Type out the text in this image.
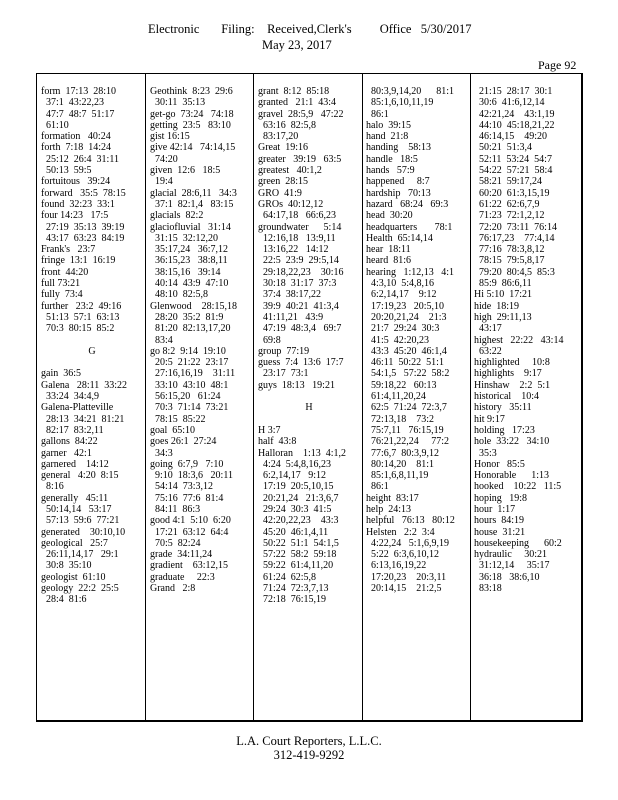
Electronic       Filing:    Received,Clerk's         Office   5/30/2017
May 23, 2017
Page 92
form  17:13  28:10
37:1  43:22,23
47:7  48:7  51:17
61:10
formation   40:24
forth  7:18  14:24
25:12  26:4  31:11
50:13  59:5
fortuitous   39:24
forward   35:5  78:15
found  32:23  33:1
four 14:23   17:5
27:19  35:13  39:19
43:17  63:23  84:19
Frank's   23:7
fringe  13:1  16:19
front  44:20
full 73:21
fully  73:4
further   23:2  49:16
51:13  57:1  63:13
70:3  80:15  85:2
G
gain  36:5
Galena   28:11  33:22
33:24  34:4,9
Galena-Platteville
28:13  34:21  81:21
82:17  83:2,11
gallons  84:22
garner   42:1
garnered    14:12
general   4:20  8:15
8:16
generally   45:11
50:14,14   53:17
57:13  59:6  77:21
generated    30:10,10
geological   25:7
26:11,14,17   29:1
30:8  35:10
geologist  61:10
geology  22:2  25:5
28:4  81:6
Geothink  8:23  29:6
30:11  35:13
get-go  73:24   74:18
getting  23:5   83:10
gist 16:15
give 42:14   74:14,15
74:20
given  12:6   18:5
19:4
glacial  28:6,11   34:3
37:1  82:1,4   83:15
glacials  82:2
glaciofluvial   31:14
31:15  32:12,20
35:17,24   36:7,12
36:15,23   38:8,11
38:15,16   39:14
40:14  43:9  47:10
48:10  82:5,8
Glenwood    28:15,18
28:20  35:2  81:9
81:20  82:13,17,20
83:4
go 8:2  9:14  19:10
20:5  21:22  23:17
27:16,16,19    31:11
33:10  43:10  48:1
56:15,20   61:24
70:3  71:14  73:21
78:15  85:22
goal  65:10
goes 26:1  27:24
34:3
going  6:7,9   7:10
9:10  18:3,6   20:11
54:14  73:3,12
75:16  77:6  81:4
84:11  86:3
good 4:1  5:10  6:20
17:21  63:12  64:4
70:5  82:24
grade  34:11,24
gradient    63:12,15
graduate     22:3
Grand   2:8
grant  8:12  85:18
granted   21:1  43:4
gravel  28:5,9   47:22
63:16  82:5,8
83:17,20
Great  19:16
greater   39:19   63:5
greatest   40:1,2
green  28:15
GRO  41:9
GROs  40:12,12
64:17,18   66:6,23
groundwater      5:14
12:16,18   13:9,11
13:16,22   14:12
22:5  23:9  29:5,14
29:18,22,23    30:16
30:18  31:17  37:3
37:4  38:17,22
39:9  40:21  41:3,4
41:11,21   43:9
47:19  48:3,4   69:7
69:8
group  77:19
guess  7:4  13:6  17:7
23:17  73:1
guys  18:13   19:21
H
H 3:7
half  43:8
Halloran    1:13  4:1,2
4:24  5:4,8,16,23
6:2,14,17   9:12
17:19  20:5,10,15
20:21,24   21:3,6,7
29:24  30:3  41:5
42:20,22,23    43:3
45:20  46:1,4,11
50:22  51:1  54:1,5
57:22  58:2  59:18
59:22  61:4,11,20
61:24  62:5,8
71:24  72:3,7,13
72:18  76:15,19
80:3,9,14,20      81:1
85:1,6,10,11,19
86:1
halo  39:15
hand  21:8
handing    58:13
handle   18:5
hands   57:9
happened     8:7
hardship   70:13
hazard   68:24   69:3
head  30:20
headquarters       78:1
Health  65:14,14
hear  18:11
heard  81:6
hearing   1:12,13   4:1
4:3,10  5:4,8,16
6:2,14,17    9:12
17:19,23   20:5,10
20:20,21,24    21:3
21:7  29:24  30:3
41:5  42:20,23
43:3  45:20  46:1,4
46:11  50:22  51:1
54:1,5   57:22  58:2
59:18,22   60:13
61:4,11,20,24
62:5  71:24  72:3,7
72:13,18    73:2
75:7,11   76:15,19
76:21,22,24     77:2
77:6,7  80:3,9,12
80:14,20    81:1
85:1,6,8,11,19
86:1
height  83:17
help  24:13
helpful   76:13   80:12
Helsten   2:2  3:4
4:22,24   5:1,6,9,19
5:22  6:3,6,10,12
6:13,16,19,22
17:20,23    20:3,11
20:14,15    21:2,5
21:15  28:17  30:1
30:6  41:6,12,14
42:21,24    43:1,19
44:10  45:18,21,22
46:14,15    49:20
50:21  51:3,4
52:11  53:24  54:7
54:22  57:21  58:4
58:21  59:17,24
60:20  61:3,15,19
61:22  62:6,7,9
71:23  72:1,2,12
72:20  73:11  76:14
76:17,23    77:4,14
77:16  78:3,8,12
78:15  79:5,8,17
79:20  80:4,5  85:3
85:9  86:6,11
Hi 5:10  17:21
hide  18:19
high  29:11,13
43:17
highest   22:22   43:14
63:22
highlighted     10:8
highlights    9:17
Hinshaw    2:2  5:1
historical    10:4
history   35:11
hit 9:17
holding   17:23
hole  33:22   34:10
35:3
Honor   85:5
Honorable      1:13
hooked    10:22   11:5
hoping   19:8
hour  1:17
hours  84:19
house  31:21
housekeeping      60:2
hydraulic     30:21
31:12,14     35:17
36:18   38:6,10
83:18
L.A. Court Reporters, L.L.C.
312-419-9292
